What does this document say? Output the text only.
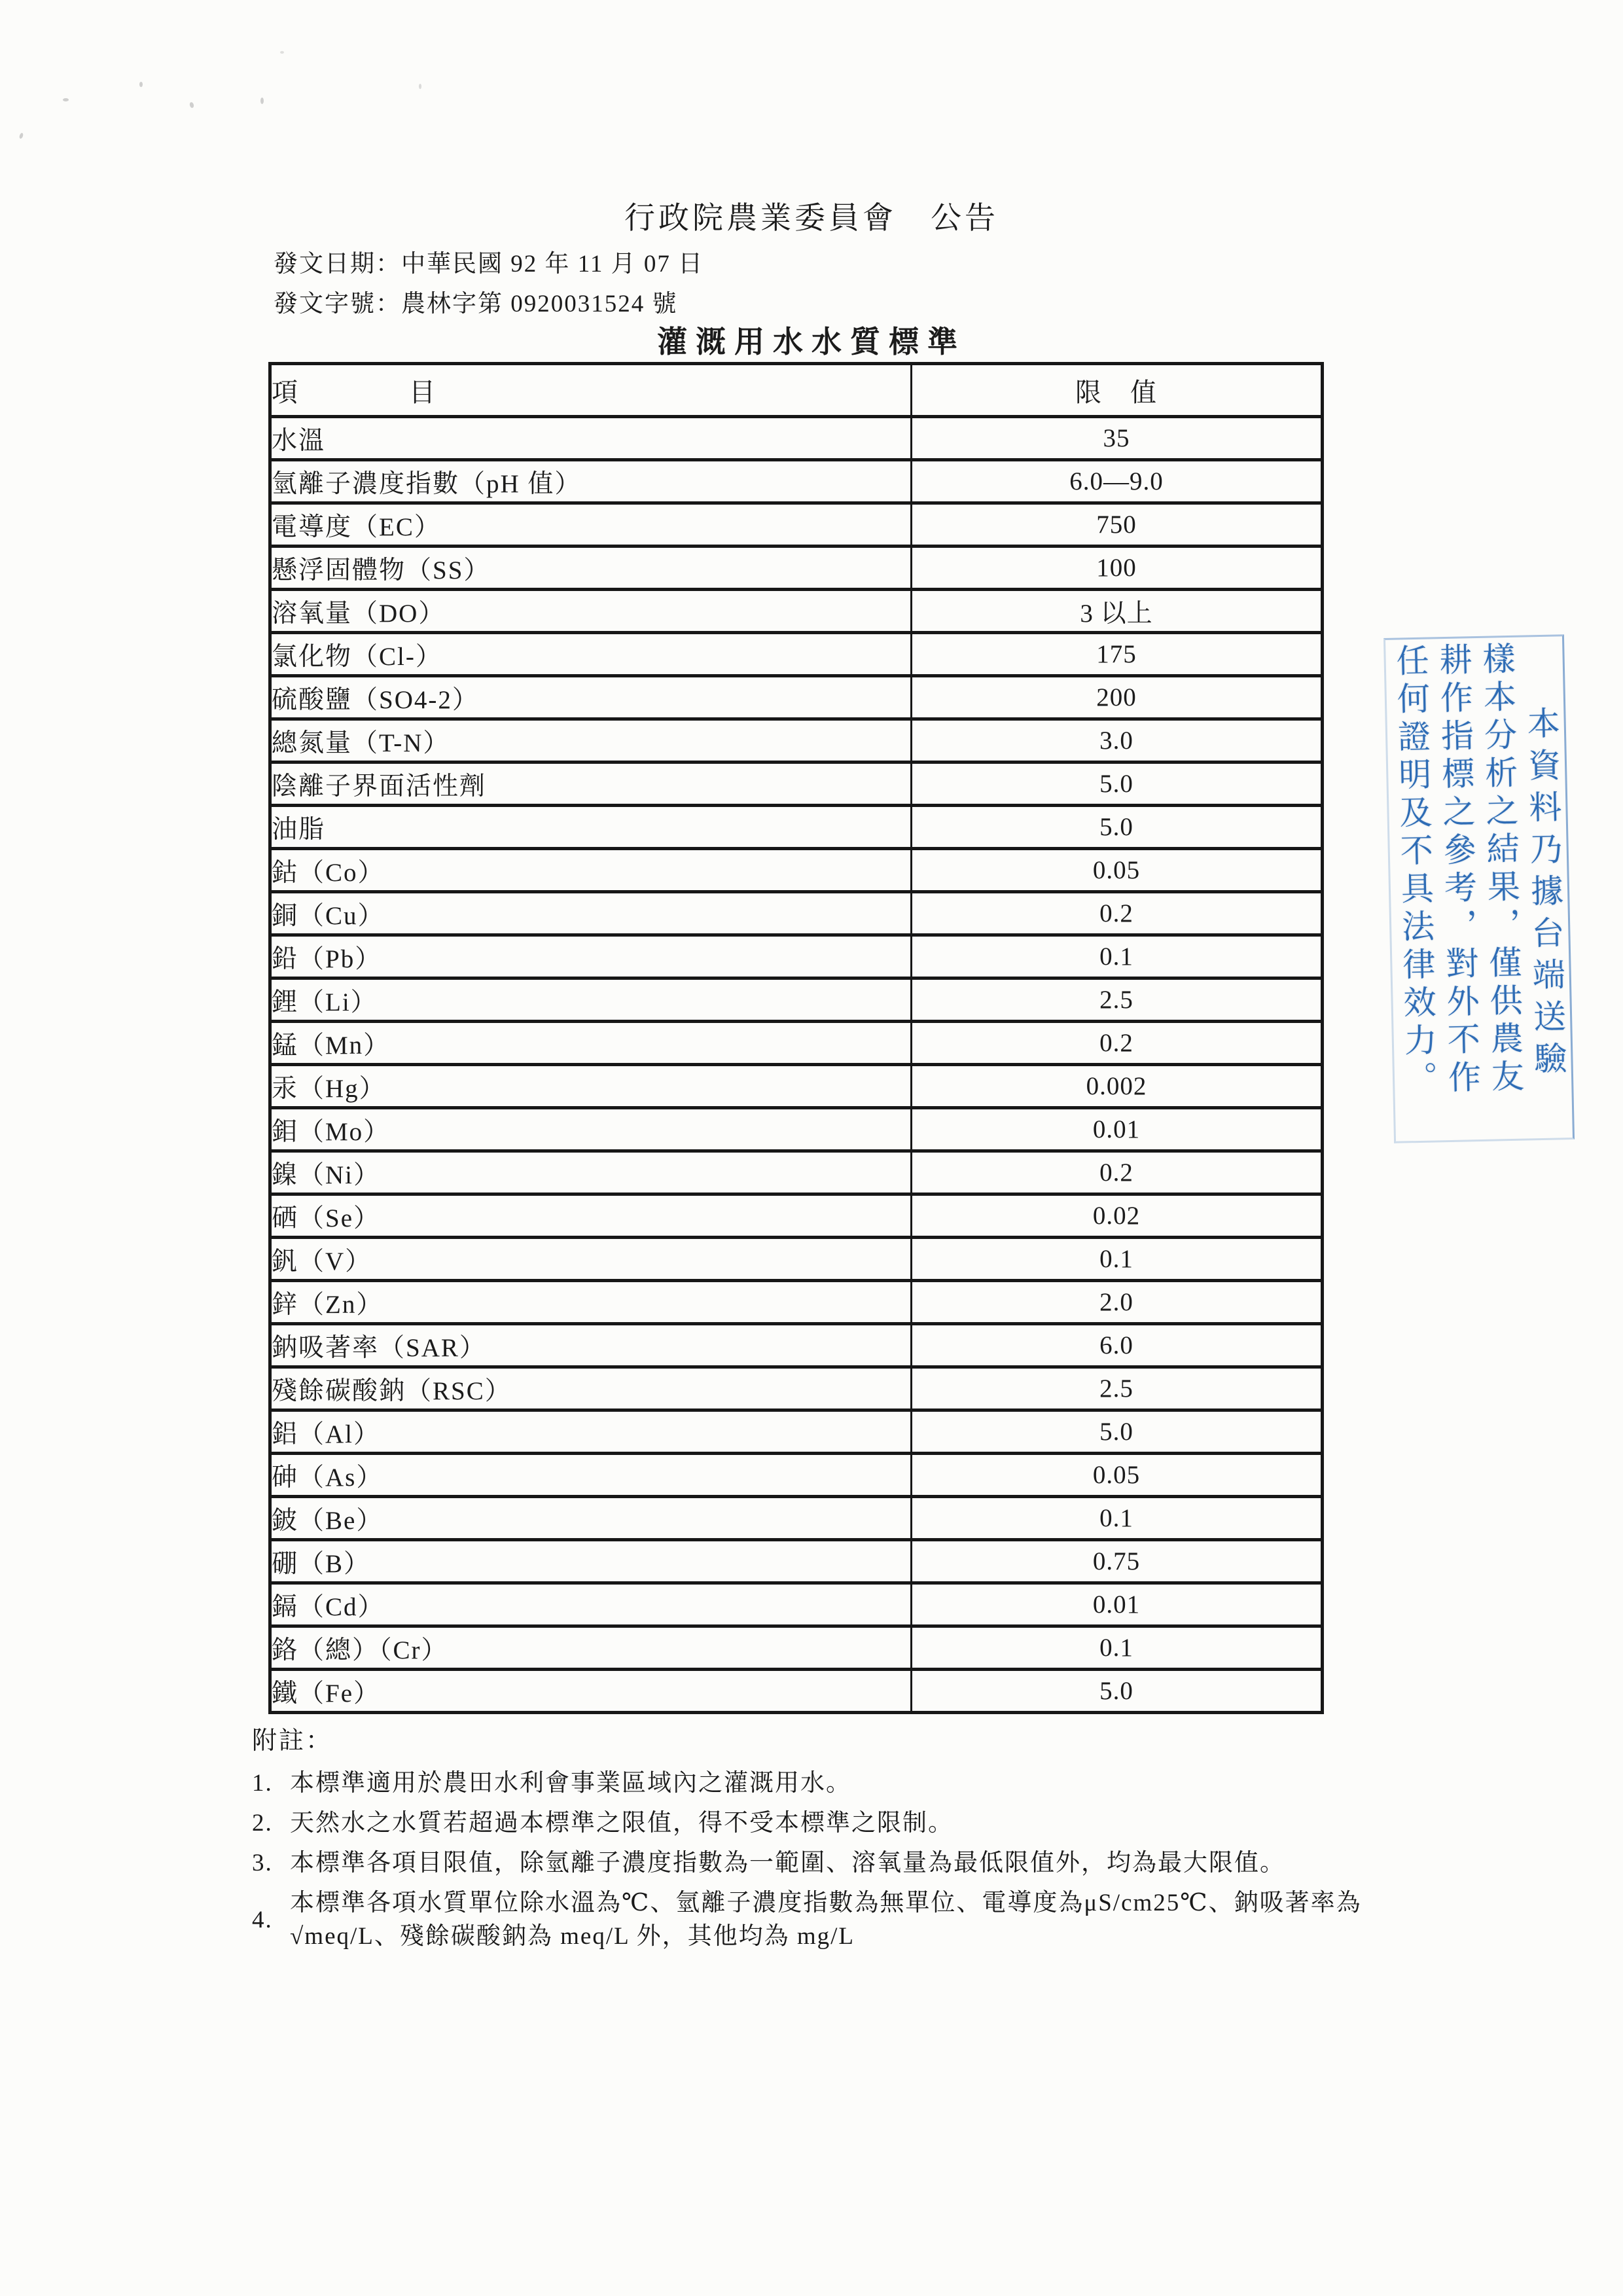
行政院農業委員會　公告
發文日期：中華民國 92 年 11 月 07 日
發文字號：農林字第 0920031524 號
灌溉用水水質標準
項　　　　目	限　值
水溫	35
氫離子濃度指數（pH 值）	6.0—9.0
電導度（EC）	750
懸浮固體物（SS）	100
溶氧量（DO）	3 以上
氯化物（Cl-）	175
硫酸鹽（SO4-2）	200
總氮量（T-N）	3.0
陰離子界面活性劑	5.0
油脂	5.0
鈷（Co）	0.05
銅（Cu）	0.2
鉛（Pb）	0.1
鋰（Li）	2.5
錳（Mn）	0.2
汞（Hg）	0.002
鉬（Mo）	0.01
鎳（Ni）	0.2
硒（Se）	0.02
釩（V）	0.1
鋅（Zn）	2.0
鈉吸著率（SAR）	6.0
殘餘碳酸鈉（RSC）	2.5
鋁（Al）	5.0
砷（As）	0.05
鈹（Be）	0.1
硼（B）	0.75
鎘（Cd）	0.01
鉻（總）（Cr）	0.1
鐵（Fe）	5.0
附註：
1. 本標準適用於農田水利會事業區域內之灌溉用水。
2. 天然水之水質若超過本標準之限值，得不受本標準之限制。
3. 本標準各項目限值，除氫離子濃度指數為一範圍、溶氧量為最低限值外，均為最大限值。
4.
本標準各項水質單位除水溫為℃、氫離子濃度指數為無單位、電導度為μS/cm25℃、鈉吸著率為√meq/L、殘餘碳酸鈉為 meq/L 外，其他均為 mg/L
本資料乃據台端送驗
樣本分析之結果，僅供農友
耕作指標之參考，對外不作
任何證明及不具法律效力。
